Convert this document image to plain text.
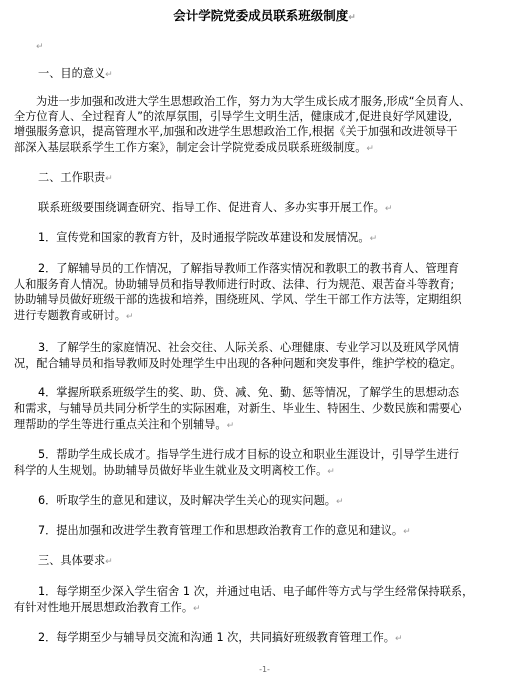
会计学院党委成员联系班级制度↵
↵
一、目的意义↵
为进一步加强和改进大学生思想政治工作，努力为大学生成长成才服务,形成“全员育人、
全方位育人、全过程育人”的浓厚氛围，引导学生文明生活，健康成才,促进良好学风建设,
增强服务意识，提高管理水平,加强和改进学生思想政治工作,根据《关于加强和改进领导干
部深入基层联系学生工作方案》，制定会计学院党委成员联系班级制度。↵
二、工作职责↵
联系班级要围绕调查研究、指导工作、促进育人、多办实事开展工作。↵
1．宣传党和国家的教育方针，及时通报学院改革建设和发展情况。↵
2．了解辅导员的工作情况，了解指导教师工作落实情况和教职工的教书育人、管理育
人和服务育人情况。协助辅导员和指导教师进行时政、法律、行为规范、艰苦奋斗等教育;
协助辅导员做好班级干部的选拔和培养，围绕班风、学风、学生干部工作方法等，定期组织
进行专题教育或研讨。↵
3．了解学生的家庭情况、社会交往、人际关系、心理健康、专业学习以及班风学风情
况，配合辅导员和指导教师及时处理学生中出现的各种问题和突发事件，维护学校的稳定。
4．掌握所联系班级学生的奖、助、贷、减、免、勤、惩等情况，了解学生的思想动态
和需求，与辅导员共同分析学生的实际困难，对新生、毕业生、特困生、少数民族和需要心
理帮助的学生等进行重点关注和个别辅导。↵
5．帮助学生成长成才。指导学生进行成才目标的设立和职业生涯设计，引导学生进行
科学的人生规划。协助辅导员做好毕业生就业及文明离校工作。↵
6．听取学生的意见和建议，及时解决学生关心的现实问题。↵
7．提出加强和改进学生教育管理工作和思想政治教育工作的意见和建议。↵
三、具体要求↵
1．每学期至少深入学生宿舍 1 次，并通过电话、电子邮件等方式与学生经常保持联系，
有针对性地开展思想政治教育工作。↵
2．每学期至少与辅导员交流和沟通 1 次，共同搞好班级教育管理工作。↵
-1-
